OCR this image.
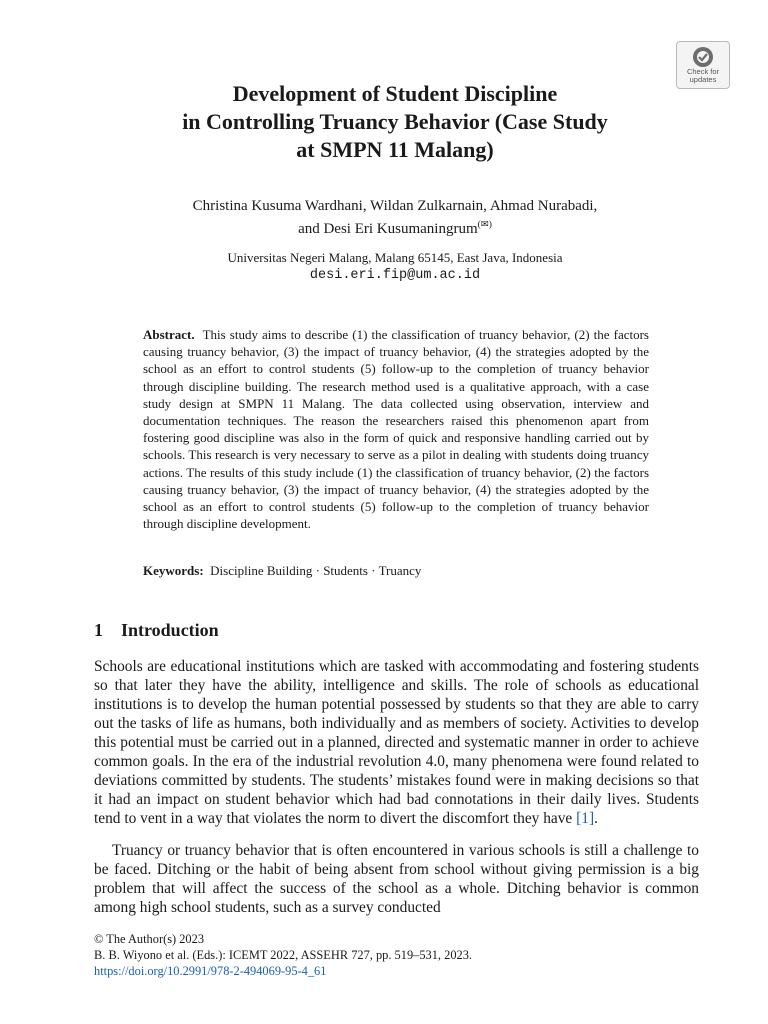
Check for
updates
Development of Student Discipline
in Controlling Truancy Behavior (Case Study
at SMPN 11 Malang)
Christina Kusuma Wardhani, Wildan Zulkarnain, Ahmad Nurabadi,
and Desi Eri Kusumaningrum(✉)
Universitas Negeri Malang, Malang 65145, East Java, Indonesia
desi.eri.fip@um.ac.id

Abstract. This study aims to describe (1) the classification of truancy behavior, (2) the factors causing truancy behavior, (3) the impact of truancy behavior, (4) the strategies adopted by the school as an effort to control students (5) follow-up to the completion of truancy behavior through discipline building. The research method used is a qualitative approach, with a case study design at SMPN 11 Malang. The data collected using observation, interview and documentation techniques. The reason the researchers raised this phenomenon apart from fostering good discipline was also in the form of quick and responsive handling carried out by schools. This research is very necessary to serve as a pilot in dealing with students doing truancy actions. The results of this study include (1) the classification of truancy behavior, (2) the factors causing truancy behavior, (3) the impact of truancy behavior, (4) the strategies adopted by the school as an effort to control students (5) follow-up to the completion of truancy behavior through discipline development.

Keywords: Discipline Building · Students · Truancy
1 Introduction

Schools are educational institutions which are tasked with accommodating and fostering students so that later they have the ability, intelligence and skills. The role of schools as educational institutions is to develop the human potential possessed by students so that they are able to carry out the tasks of life as humans, both individually and as members of society. Activities to develop this potential must be carried out in a planned, directed and systematic manner in order to achieve common goals. In the era of the industrial revolution 4.0, many phenomena were found related to deviations committed by students. The students’ mistakes found were in making decisions so that it had an impact on student behavior which had bad connotations in their daily lives. Students tend to vent in a way that violates the norm to divert the discomfort they have [1].

Truancy or truancy behavior that is often encountered in various schools is still a challenge to be faced. Ditching or the habit of being absent from school without giving permission is a big problem that will affect the success of the school as a whole. Ditching behavior is common among high school students, such as a survey conducted

© The Author(s) 2023
B. B. Wiyono et al. (Eds.): ICEMT 2022, ASSEHR 727, pp. 519–531, 2023.
https://doi.org/10.2991/978-2-494069-95-4_61
